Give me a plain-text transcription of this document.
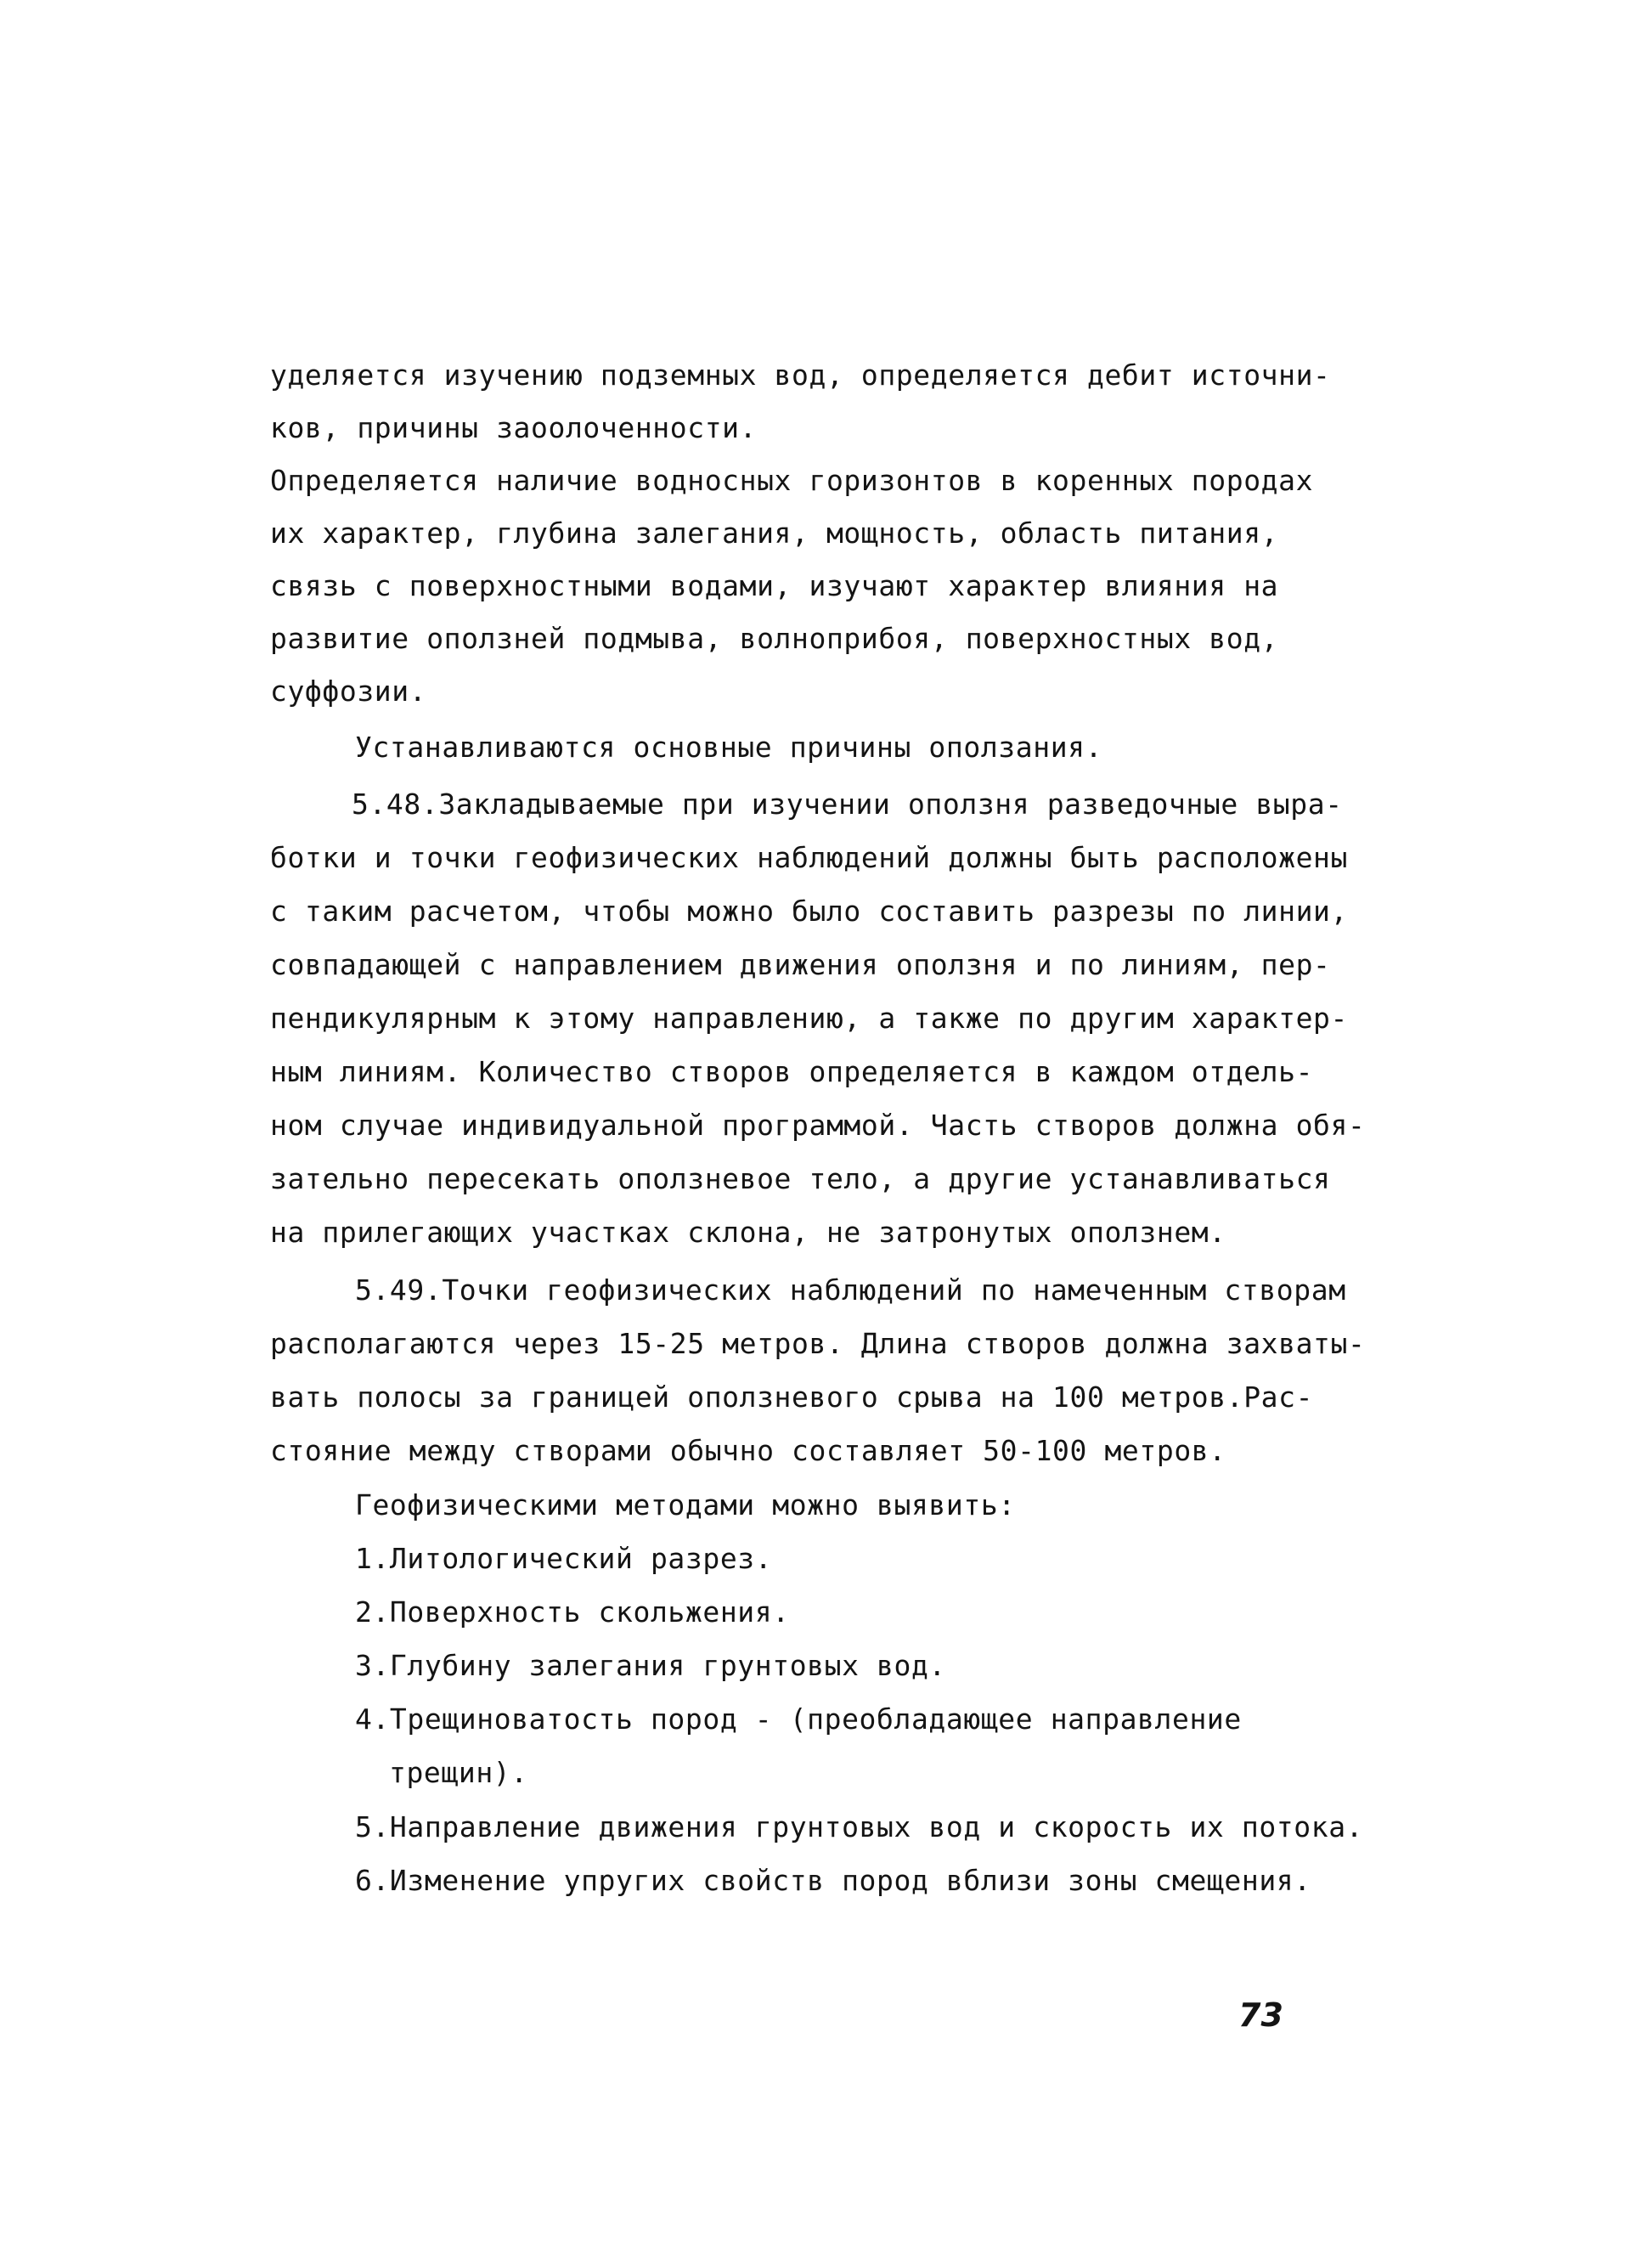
уделяется изучению подземных вод, определяется дебит источни-
ков, причины заоолоченности.
Определяется наличие водносных горизонтов в коренных породах
их характер, глубина залегания, мощность, область питания,
связь с поверхностными водами, изучают характер влияния на
развитие оползней подмыва, волноприбоя, поверхностных вод,
суффозии.
Устанавливаются основные причины оползания.
5.48.Закладываемые при изучении оползня разведочные выра-
ботки и точки геофизических наблюдений должны быть расположены
с таким расчетом, чтобы можно было составить разрезы по линии,
совпадающей с направлением движения оползня и по линиям, пер-
пендикулярным к этому направлению, а также по другим характер-
ным линиям. Количество створов определяется в каждом отдель-
ном случае индивидуальной программой. Часть створов должна обя-
зательно пересекать оползневое тело, а другие устанавливаться
на прилегающих участках склона, не затронутых оползнем.
5.49.Точки геофизических наблюдений по намеченным створам
располагаются через 15-25 метров. Длина створов должна захваты-
вать полосы за границей оползневого срыва на 100 метров.Рас-
стояние между створами обычно составляет 50-100 метров.
Геофизическими методами можно выявить:
1.Литологический разрез.
2.Поверхность скольжения.
3.Глубину залегания грунтовых вод.
4.Трещиноватость пород - (преобладающее направление
трещин).
5.Направление движения грунтовых вод и скорость их потока.
6.Изменение упругих свойств пород вблизи зоны смещения.
73
